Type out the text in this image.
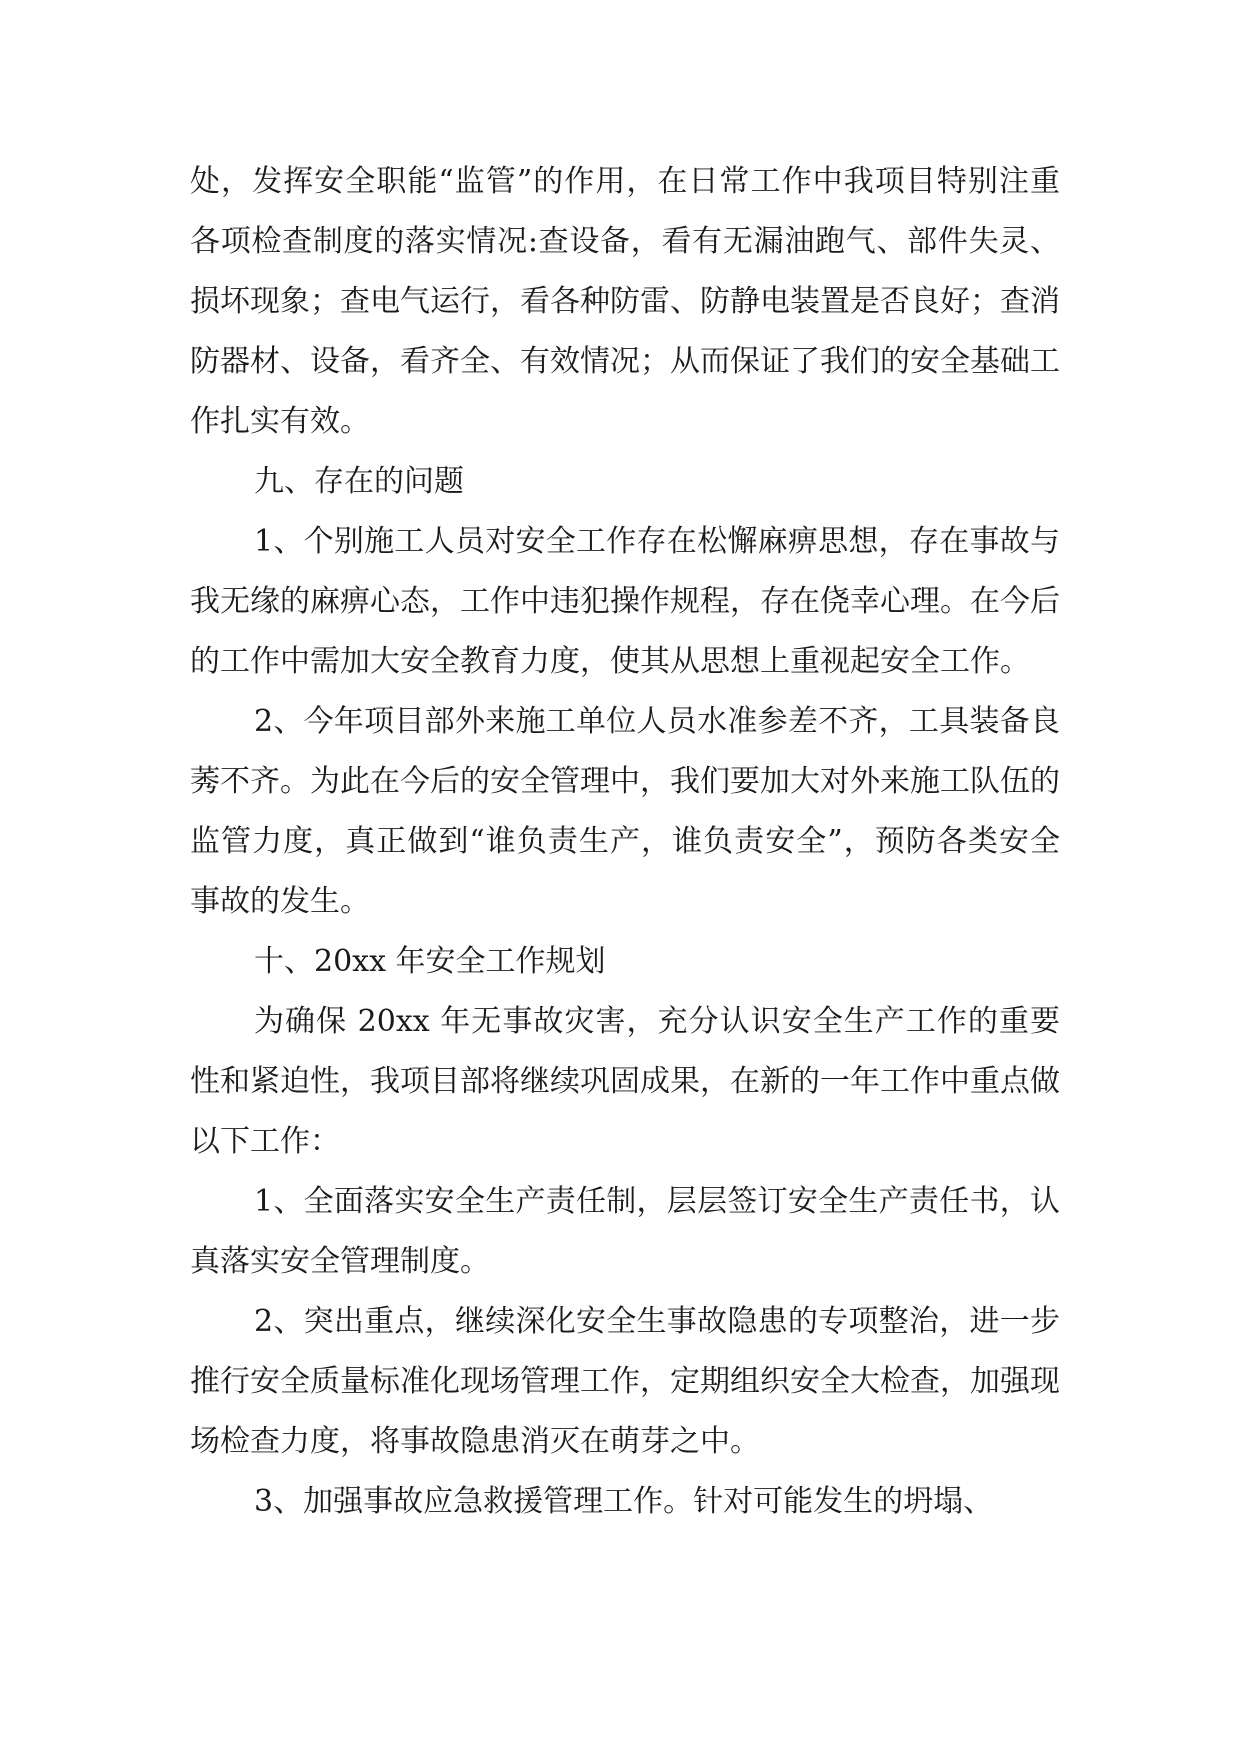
处，发挥安全职能“监管”的作用，在日常工作中我项目特别注重各项检查制度的落实情况:查设备，看有无漏油跑气、部件失灵、损坏现象；查电气运行，看各种防雷、防静电装置是否良好；查消防器材、设备，看齐全、有效情况；从而保证了我们的安全基础工作扎实有效。

九、存在的问题

1、个别施工人员对安全工作存在松懈麻痹思想，存在事故与我无缘的麻痹心态，工作中违犯操作规程，存在侥幸心理。在今后的工作中需加大安全教育力度，使其从思想上重视起安全工作。

2、今年项目部外来施工单位人员水准参差不齐，工具装备良莠不齐。为此在今后的安全管理中，我们要加大对外来施工队伍的监管力度，真正做到“谁负责生产，谁负责安全”，预防各类安全事故的发生。

十、20xx 年安全工作规划

为确保 20xx 年无事故灾害，充分认识安全生产工作的重要性和紧迫性，我项目部将继续巩固成果，在新的一年工作中重点做以下工作：

1、全面落实安全生产责任制，层层签订安全生产责任书，认真落实安全管理制度。

2、突出重点，继续深化安全生事故隐患的专项整治，进一步推行安全质量标准化现场管理工作，定期组织安全大检查，加强现场检查力度，将事故隐患消灭在萌芽之中。

3、加强事故应急救援管理工作。针对可能发生的坍塌、
